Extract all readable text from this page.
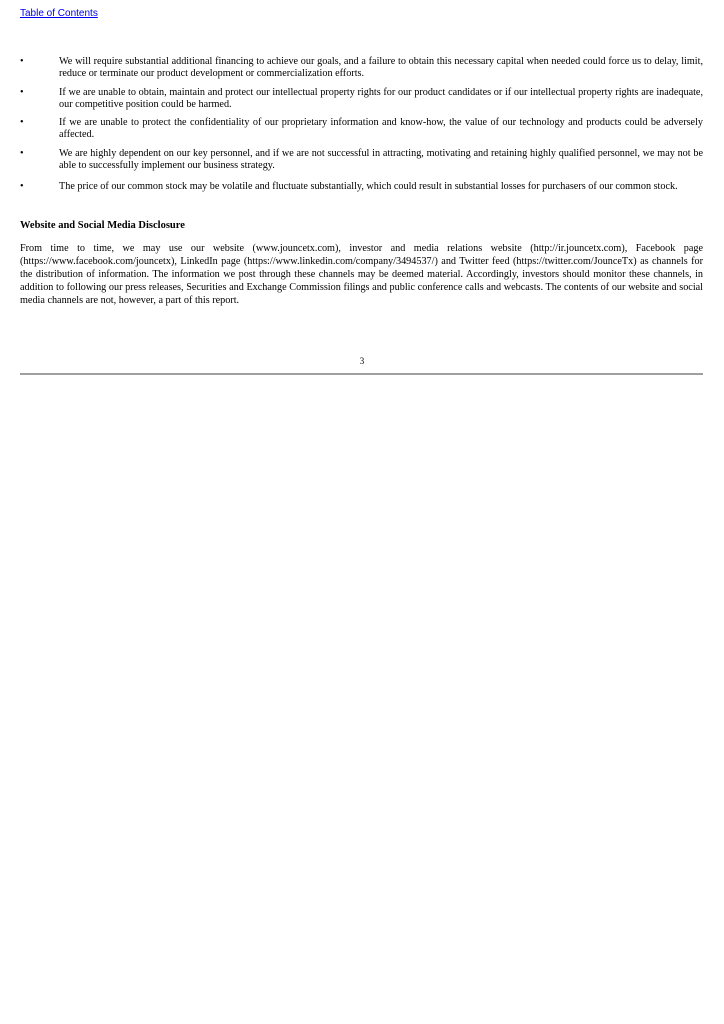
Table of Contents
•	We will require substantial additional financing to achieve our goals, and a failure to obtain this necessary capital when needed could force us to delay, limit, reduce or terminate our product development or commercialization efforts.
•	If we are unable to obtain, maintain and protect our intellectual property rights for our product candidates or if our intellectual property rights are inadequate, our competitive position could be harmed.
•	If we are unable to protect the confidentiality of our proprietary information and know-how, the value of our technology and products could be adversely affected.
•	We are highly dependent on our key personnel, and if we are not successful in attracting, motivating and retaining highly qualified personnel, we may not be able to successfully implement our business strategy.
•	The price of our common stock may be volatile and fluctuate substantially, which could result in substantial losses for purchasers of our common stock.
Website and Social Media Disclosure

From time to time, we may use our website (www.jouncetx.com), investor and media relations website (http://ir.jouncetx.com), Facebook page (https://www.facebook.com/jouncetx), LinkedIn page (https://www.linkedin.com/company/3494537/) and Twitter feed (https://twitter.com/JounceTx) as channels for the distribution of information. The information we post through these channels may be deemed material. Accordingly, investors should monitor these channels, in addition to following our press releases, Securities and Exchange Commission filings and public conference calls and webcasts. The contents of our website and social media channels are not, however, a part of this report.

3
